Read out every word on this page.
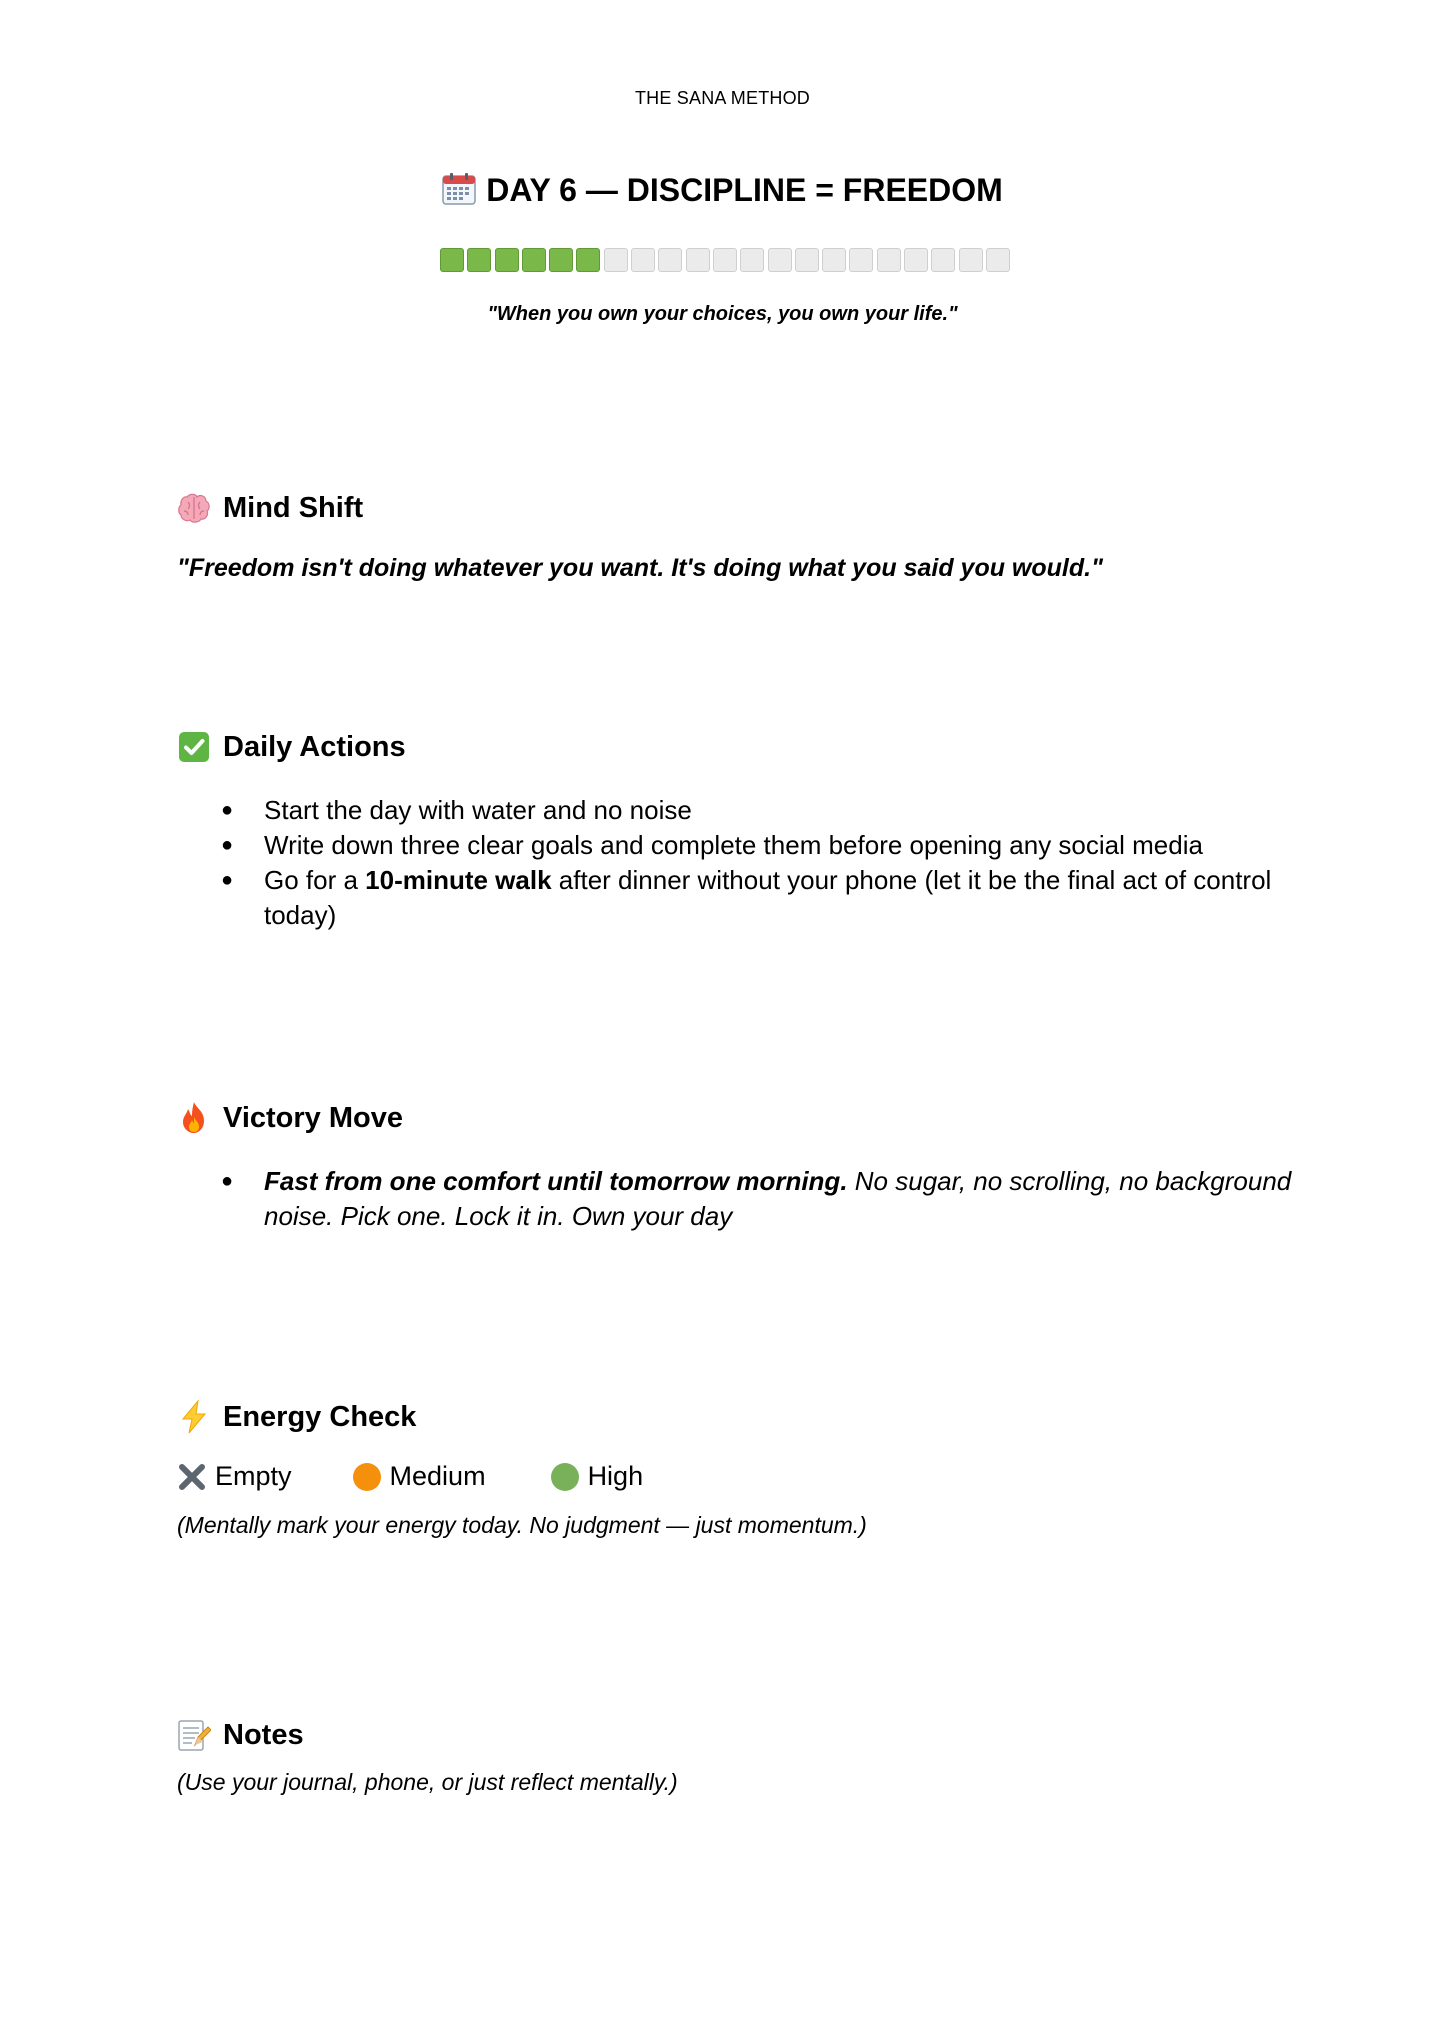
THE SANA METHOD
DAY 6 — DISCIPLINE = FREEDOM
"When you own your choices, you own your life."
Mind Shift
"Freedom isn't doing whatever you want. It's doing what you said you would."
Daily Actions
● Start the day with water and no noise
● Write down three clear goals and complete them before opening any social media
● Go for a 10-minute walk after dinner without your phone (let it be the final act of control today)
Victory Move
● Fast from one comfort until tomorrow morning. No sugar, no scrolling, no background noise. Pick one. Lock it in. Own your day
Energy Check
Empty	Medium	High
(Mentally mark your energy today. No judgment — just momentum.)
Notes
(Use your journal, phone, or just reflect mentally.)
